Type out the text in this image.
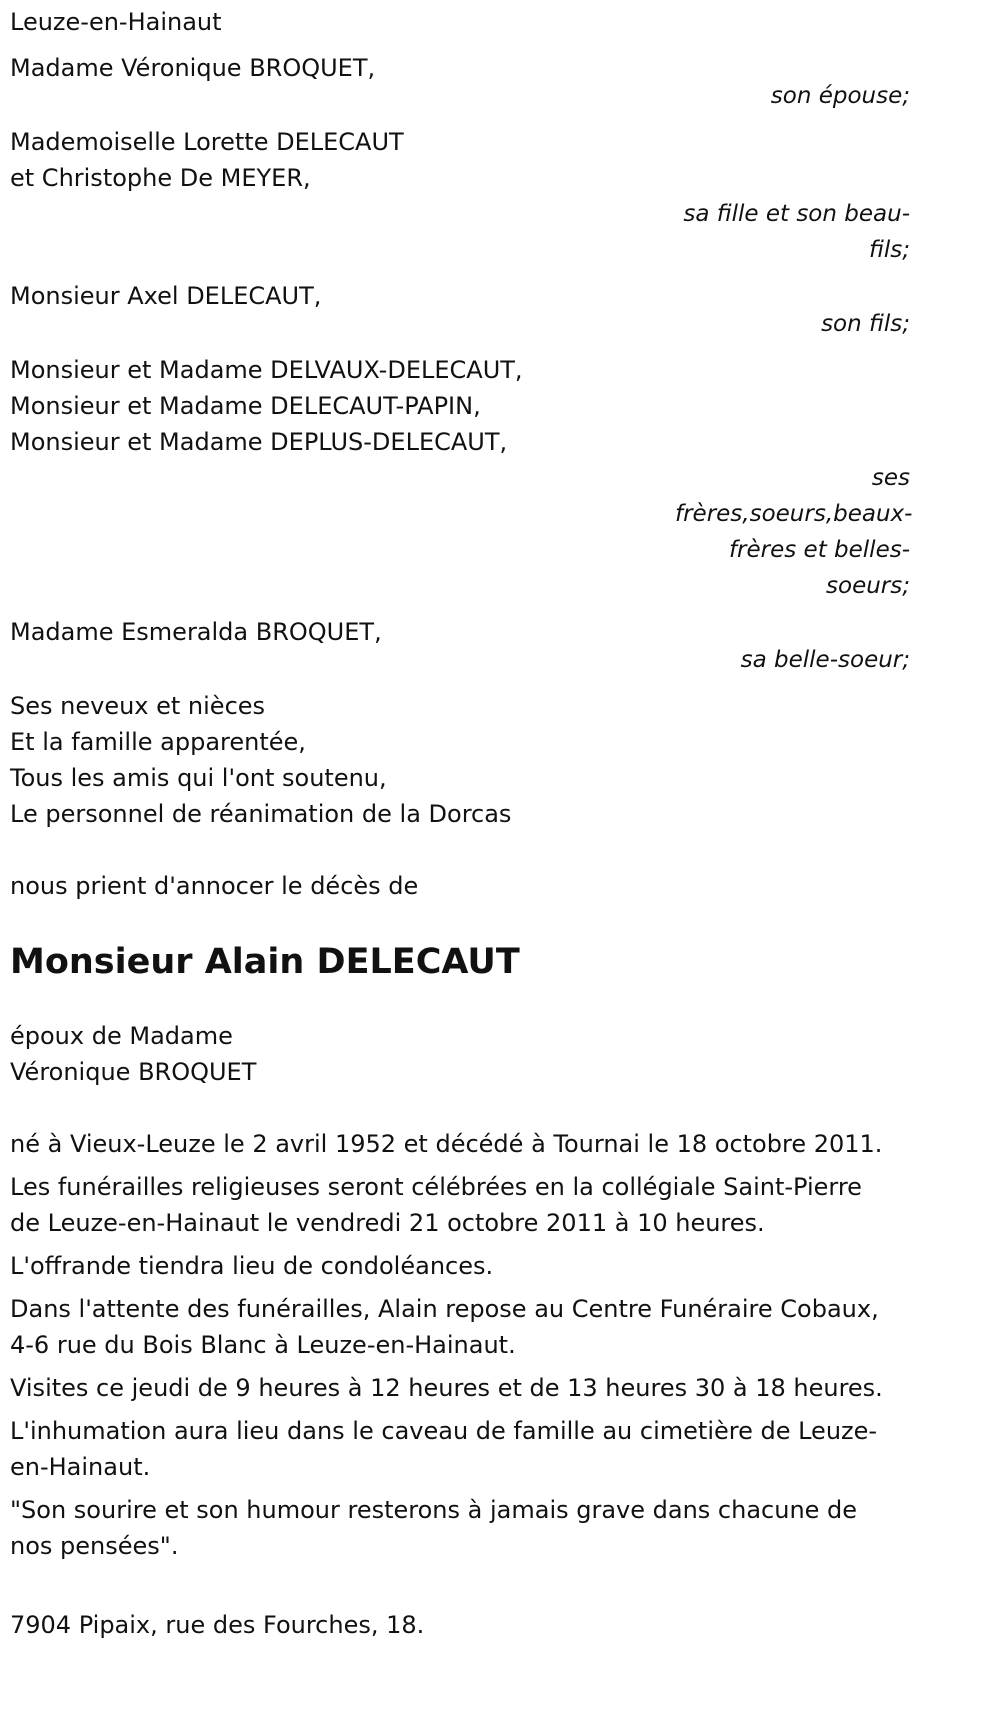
Leuze-en-Hainaut

Madame Véronique BROQUET,

son épouse;

Mademoiselle Lorette DELECAUT

et Christophe De MEYER,

sa fille et son beau-fils;

Monsieur Axel DELECAUT,

son fils;

Monsieur et Madame DELVAUX-DELECAUT,

Monsieur et Madame DELECAUT-PAPIN,

Monsieur et Madame DEPLUS-DELECAUT,

ses frères,soeurs,beaux-frères et belles-soeurs;

Madame Esmeralda BROQUET,

sa belle-soeur;

Ses neveux et nièces

Et la famille apparentée,

Tous les amis qui l'ont soutenu,

Le personnel de réanimation de la Dorcas

nous prient d'annocer le décès de

Monsieur Alain DELECAUT

époux de Madame

Véronique BROQUET

né à Vieux-Leuze le 2 avril 1952 et décédé à Tournai le 18 octobre 2011.

Les funérailles religieuses seront célébrées en la collégiale Saint-Pierre de Leuze-en-Hainaut le vendredi 21 octobre 2011 à 10 heures.

L'offrande tiendra lieu de condoléances.

Dans l'attente des funérailles, Alain repose au Centre Funéraire Cobaux, 4-6 rue du Bois Blanc à Leuze-en-Hainaut.

Visites ce jeudi de 9 heures à 12 heures et de 13 heures 30 à 18 heures.

L'inhumation aura lieu dans le caveau de famille au cimetière de Leuze-en-Hainaut.

"Son sourire et son humour resterons à jamais grave dans chacune de nos pensées".

7904 Pipaix, rue des Fourches, 18.
